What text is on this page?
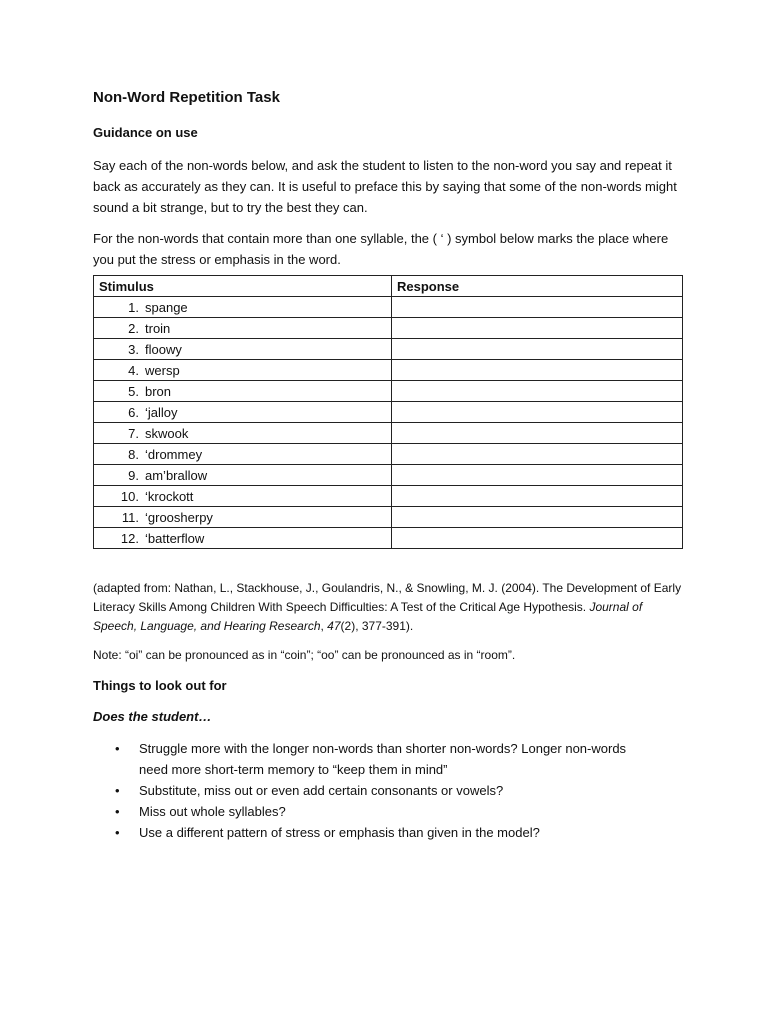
Non-Word Repetition Task
Guidance on use

Say each of the non-words below, and ask the student to listen to the non-word you say and repeat it back as accurately as they can. It is useful to preface this by saying that some of the non-words might sound a bit strange, but to try the best they can.

For the non-words that contain more than one syllable, the ( ‘ ) symbol below marks the place where you put the stress or emphasis in the word.

Stimulus	Response
1. spange	
2. troin	
3. floowy	
4. wersp	
5. bron	
6. ‘jalloy	
7. skwook	
8. ‘drommey	
9. am’brallow	
10. ‘krockott	
11. ‘groosherpy	
12. ‘batterflow	
(adapted from: Nathan, L., Stackhouse, J., Goulandris, N., & Snowling, M. J. (2004). The Development of Early Literacy Skills Among Children With Speech Difficulties: A Test of the Critical Age Hypothesis. Journal of Speech, Language, and Hearing Research, 47(2), 377-391).
Note: “oi” can be pronounced as in “coin”; “oo” can be pronounced as in “room”.
Things to look out for
Does the student…
• Struggle more with the longer non-words than shorter non-words? Longer non-words need more short-term memory to “keep them in mind”
• Substitute, miss out or even add certain consonants or vowels?
• Miss out whole syllables?
• Use a different pattern of stress or emphasis than given in the model?
